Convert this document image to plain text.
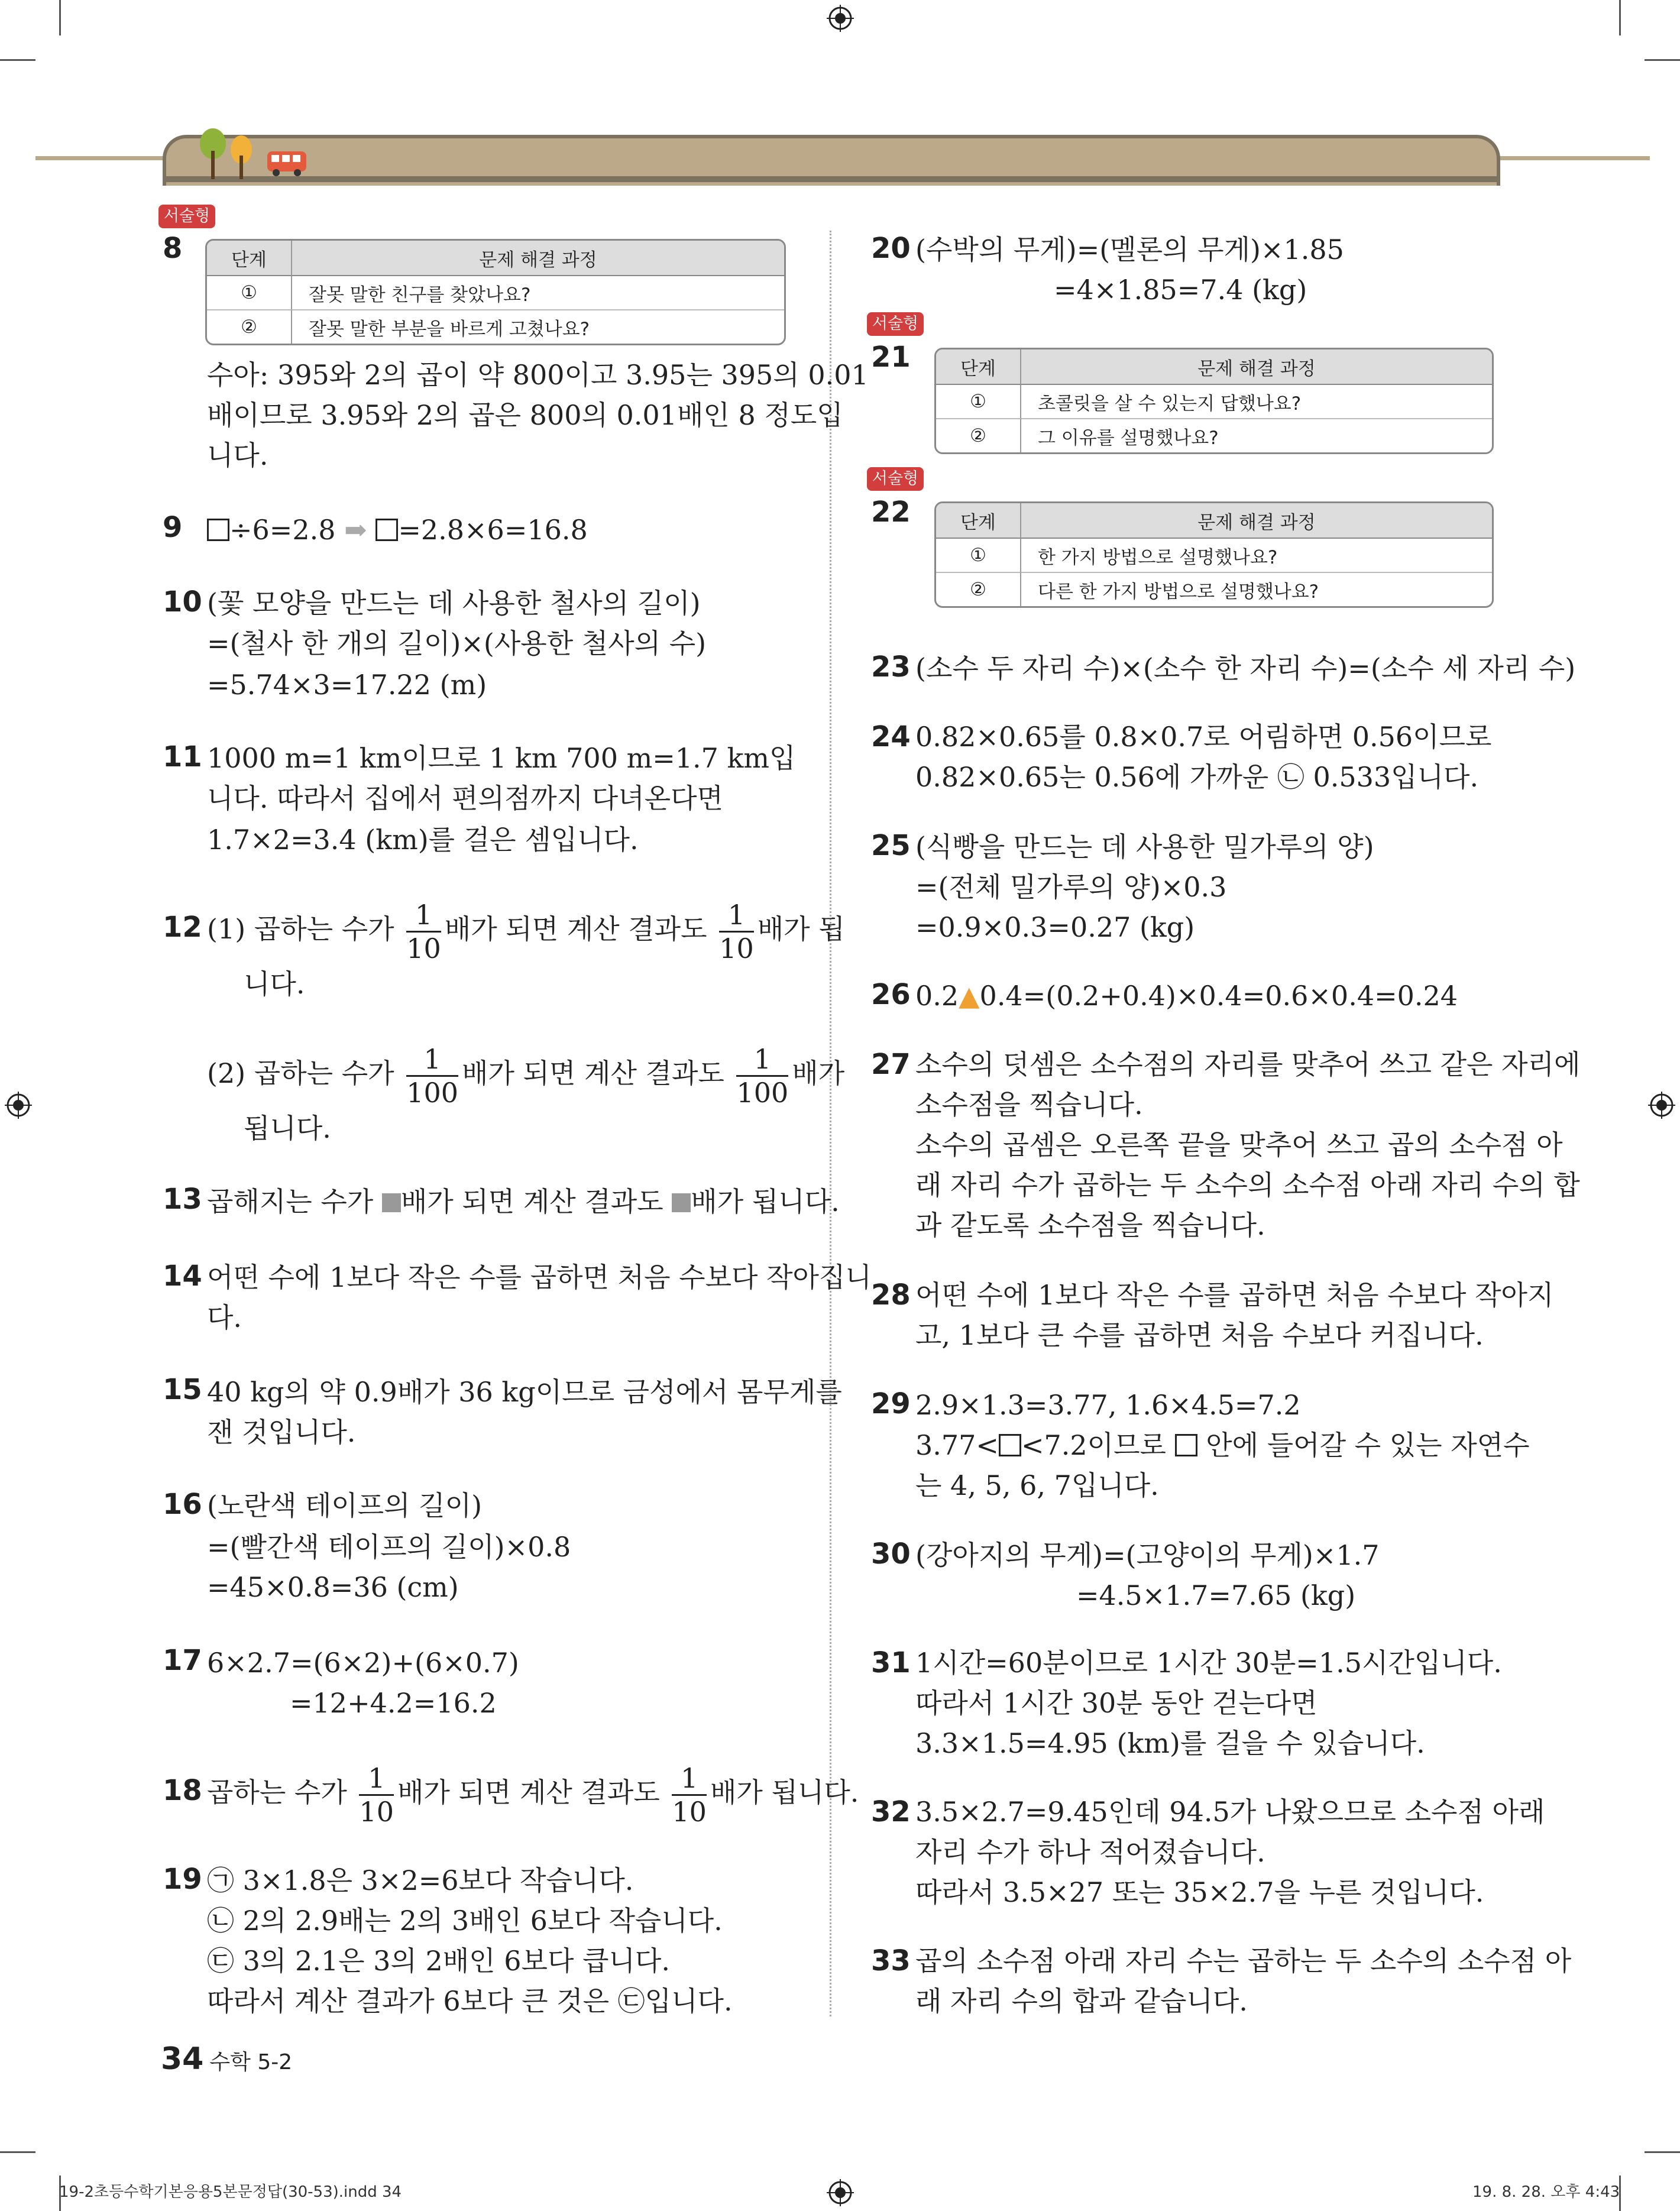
서술형
8	단계	문제 해결 과정
①	잘못 말한 친구를 찾았나요?
②	잘못 말한 부분을 바르게 고쳤나요?
수아: 395와 2의 곱이 약 800이고 3.95는 395의 0.01
배이므로 3.95와 2의 곱은 800의 0.01배인 8 정도입
니다.
9	÷6=2.8 ➡ =2.8×6=16.8
10 (꽃 모양을 만드는 데 사용한 철사의 길이)
=(철사 한 개의 길이)×(사용한 철사의 수)
=5.74×3=17.22 (m)
11 1000 m=1 km이므로 1 km 700 m=1.7 km입
니다. 따라서 집에서 편의점까지 다녀온다면
1.7×2=3.4 (km)를 걸은 셈입니다.
12 (1) 곱하는 수가 $\frac{1}{10}$ 배가 되면 계산 결과도 $\frac{1}{10}$ 배가 됩
니다.
(2) 곱하는 수가 $\frac{1}{100}$ 배가 되면 계산 결과도 $\frac{1}{100}$ 배가
됩니다.
13 곱해지는 수가 배가 되면 계산 결과도 배가 됩니다.
14 어떤 수에 1보다 작은 수를 곱하면 처음 수보다 작아집니
다.
15 40 kg의 약 0.9배가 36 kg이므로 금성에서 몸무게를
잰 것입니다.
16 (노란색 테이프의 길이)
=(빨간색 테이프의 길이)×0.8
=45×0.8=36 (cm)
17 6×2.7=(6×2)+(6×0.7)
=12+4.2=16.2
18 곱하는 수가 $\frac{1}{10}$ 배가 되면 계산 결과도 $\frac{1}{10}$ 배가 됩니다.
19 ㉠ 3×1.8은 3×2=6보다 작습니다.
㉡ 2의 2.9배는 2의 3배인 6보다 작습니다.
㉢ 3의 2.1은 3의 2배인 6보다 큽니다.
따라서 계산 결과가 6보다 큰 것은 ㉢입니다.
20 (수박의 무게)=(멜론의 무게)×1.85
=4×1.85=7.4 (kg)
서술형
21	단계	문제 해결 과정
①	초콜릿을 살 수 있는지 답했나요?
②	그 이유를 설명했나요?
서술형
22	단계	문제 해결 과정
①	한 가지 방법으로 설명했나요?
②	다른 한 가지 방법으로 설명했나요?
23 (소수 두 자리 수)×(소수 한 자리 수)=(소수 세 자리 수)
24 0.82×0.65를 0.8×0.7로 어림하면 0.56이므로
0.82×0.65는 0.56에 가까운 ㉡ 0.533입니다.
25 (식빵을 만드는 데 사용한 밀가루의 양)
=(전체 밀가루의 양)×0.3
=0.9×0.3=0.27 (kg)
26 0.2▲0.4=(0.2+0.4)×0.4=0.6×0.4=0.24
27 소수의 덧셈은 소수점의 자리를 맞추어 쓰고 같은 자리에
소수점을 찍습니다.
소수의 곱셈은 오른쪽 끝을 맞추어 쓰고 곱의 소수점 아
래 자리 수가 곱하는 두 소수의 소수점 아래 자리 수의 합
과 같도록 소수점을 찍습니다.
28 어떤 수에 1보다 작은 수를 곱하면 처음 수보다 작아지
고, 1보다 큰 수를 곱하면 처음 수보다 커집니다.
29 2.9×1.3=3.77, 1.6×4.5=7.2
3.77< <7.2이므로 안에 들어갈 수 있는 자연수
는 4, 5, 6, 7입니다.
30 (강아지의 무게)=(고양이의 무게)×1.7
=4.5×1.7=7.65 (kg)
31 1시간=60분이므로 1시간 30분=1.5시간입니다.
따라서 1시간 30분 동안 걷는다면
3.3×1.5=4.95 (km)를 걸을 수 있습니다.
32 3.5×2.7=9.45인데 94.5가 나왔으므로 소수점 아래
자리 수가 하나 적어졌습니다.
따라서 3.5×27 또는 35×2.7을 누른 것입니다.
33 곱의 소수점 아래 자리 수는 곱하는 두 소수의 소수점 아
래 자리 수의 합과 같습니다.
34 수학 5-2
19-2초등수학기본응용5본문정답(30-53).indd 34	19. 8. 28. 오후 4:43
